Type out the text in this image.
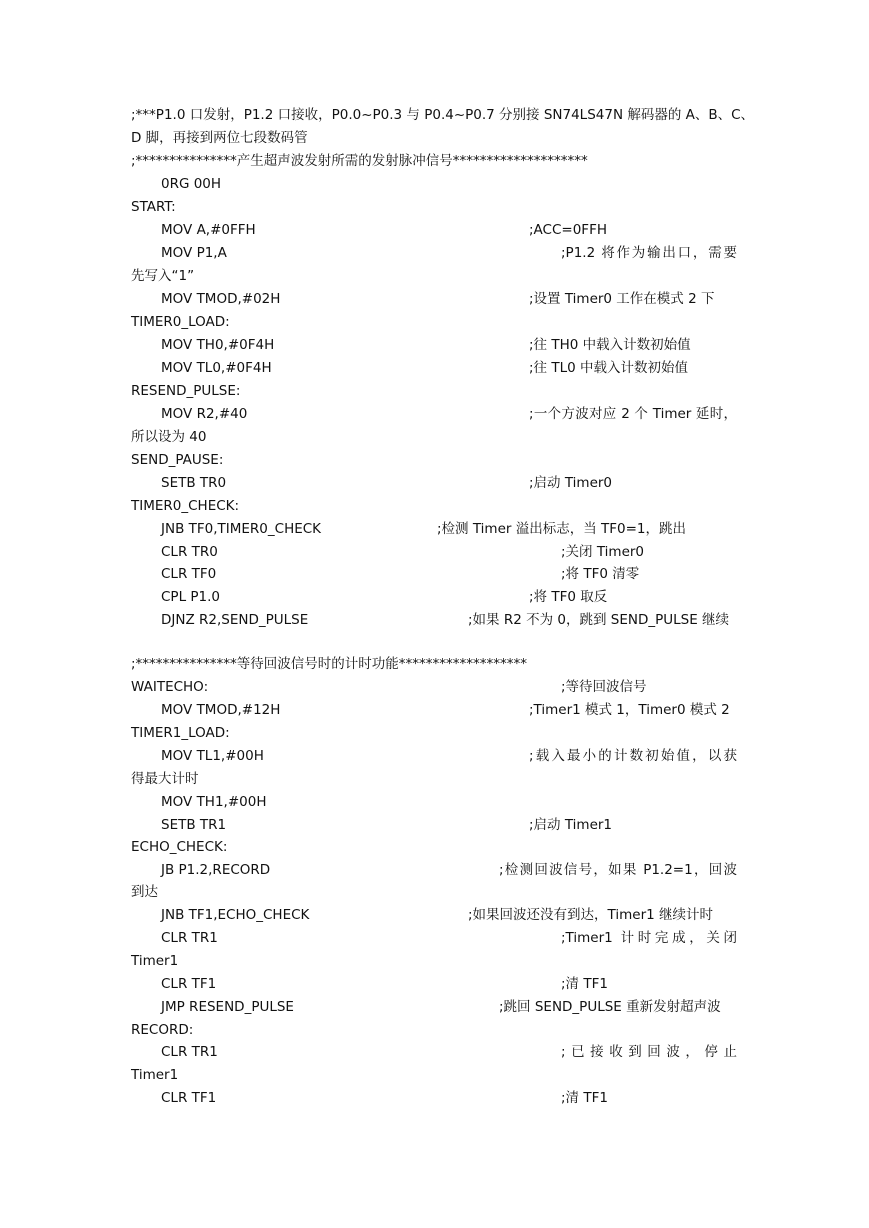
;***P1.0 口发射，P1.2 口接收，P0.0~P0.3 与 P0.4~P0.7 分别接 SN74LS47N 解码器的 A、B、C、
D 脚，再接到两位七段数码管
;***************产生超声波发射所需的发射脉冲信号********************
0RG 00H
START:
MOV A,#0FFH	;ACC=0FFH
MOV P1,A	;P1.2 将作为输出口，需要
先写入“1”
MOV TMOD,#02H	;设置 Timer0 工作在模式 2 下
TIMER0_LOAD:
MOV TH0,#0F4H	;往 TH0 中载入计数初始值
MOV TL0,#0F4H	;往 TL0 中载入计数初始值
RESEND_PULSE:
MOV R2,#40	;一个方波对应 2 个 Timer 延时，
所以设为 40
SEND_PAUSE:
SETB TR0	;启动 Timer0
TIMER0_CHECK:
JNB TF0,TIMER0_CHECK	;检测 Timer 溢出标志，当 TF0=1，跳出
CLR TR0	;关闭 Timer0
CLR TF0	;将 TF0 清零
CPL P1.0	;将 TF0 取反
DJNZ R2,SEND_PULSE	;如果 R2 不为 0，跳到 SEND_PULSE 继续
;***************等待回波信号时的计时功能*******************
WAITECHO:	;等待回波信号
MOV TMOD,#12H	;Timer1 模式 1，Timer0 模式 2
TIMER1_LOAD:
MOV TL1,#00H	;载入最小的计数初始值，以获
得最大计时
MOV TH1,#00H
SETB TR1	;启动 Timer1
ECHO_CHECK:
JB P1.2,RECORD	;检测回波信号，如果 P1.2=1，回波
到达
JNB TF1,ECHO_CHECK	;如果回波还没有到达，Timer1 继续计时
CLR TR1	;Timer1 计时完成，关闭
Timer1
CLR TF1	;清 TF1
JMP RESEND_PULSE	;跳回 SEND_PULSE 重新发射超声波
RECORD:
CLR TR1	;已接收到回波，停止
Timer1
CLR TF1	;清 TF1
